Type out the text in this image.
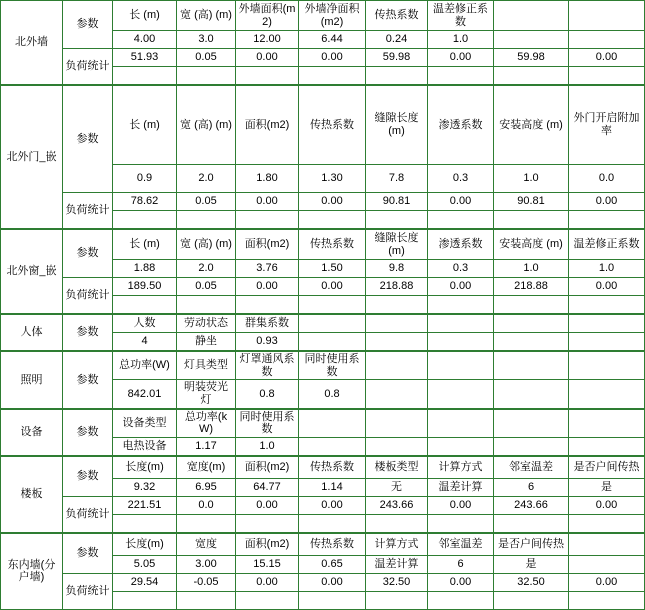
北外墙	参数	长 (m)	宽 (高) (m)	外墙面积(m2)	外墙净面积(m2)	传热系数	温差修正系数			
		4.00	3.0	12.00	6.44	0.24	1.0			
	负荷统计	51.93	0.05	0.00	0.00	59.98	0.00	59.98	0.00	

北外门_嵌	参数	长 (m)	宽 (高) (m)	面积(m2)	传热系数	缝隙长度 (m)	渗透系数	安装高度 (m)	外门开启附加率	
		0.9	2.0	1.80	1.30	7.8	0.3	1.0	0.0	
	负荷统计	78.62	0.05	0.00	0.00	90.81	0.00	90.81	0.00	

北外窗_嵌	参数	长 (m)	宽 (高) (m)	面积(m2)	传热系数	缝隙长度 (m)	渗透系数	安装高度 (m)	温差修正系数	
		1.88	2.0	3.76	1.50	9.8	0.3	1.0	1.0	
	负荷统计	189.50	0.05	0.00	0.00	218.88	0.00	218.88	0.00	

人体	参数	人数	劳动状态	群集系数					
		4	静坐	0.93					
照明	参数	总功率(W)	灯具类型	灯罩通风系数	同时使用系数				
		842.01	明装荧光灯	0.8	0.8				
设备	参数	设备类型	总功率(kW)	同时使用系数					
		电热设备	1.17	1.0					
楼板	参数	长度(m)	宽度(m)	面积(m2)	传热系数	楼板类型	计算方式	邻室温差	是否户间传热	
		9.32	6.95	64.77	1.14	无	温差计算	6	是	
	负荷统计	221.51	0.0	0.00	0.00	243.66	0.00	243.66	0.00	

东内墙(分户墙)	参数	长度(m)	宽度	面积(m2)	传热系数	计算方式	邻室温差	是否户间传热		
		5.05	3.00	15.15	0.65	温差计算	6	是		
	负荷统计	29.54	-0.05	0.00	0.00	32.50	0.00	32.50	0.00	
